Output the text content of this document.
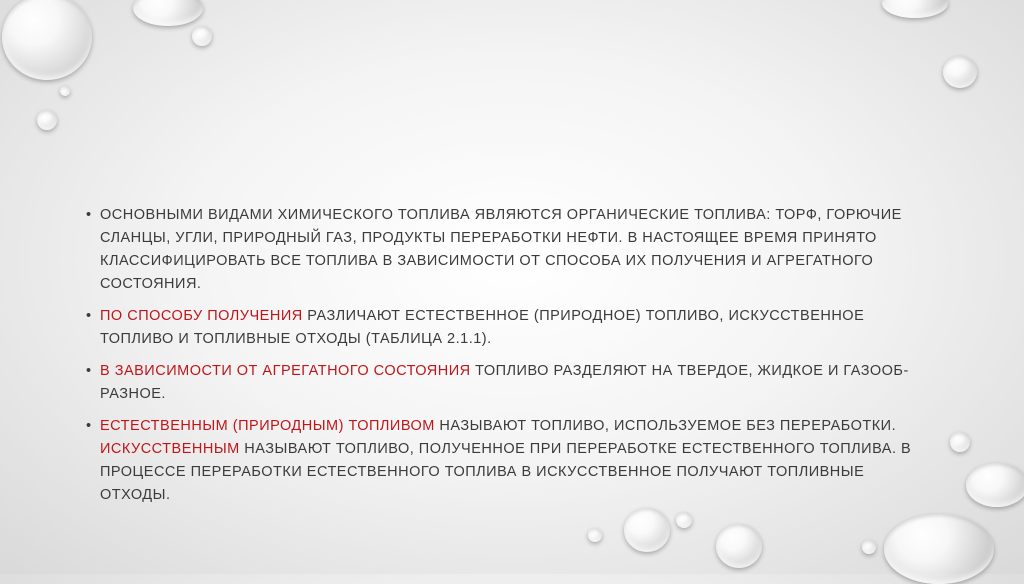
• ОСНОВНЫМИ ВИДАМИ ХИМИЧЕСКОГО ТОПЛИВА ЯВЛЯЮТСЯ ОРГАНИЧЕСКИЕ ТОПЛИВА: ТОРФ, ГОРЮЧИЕ СЛАНЦЫ, УГЛИ, ПРИРОДНЫЙ ГАЗ, ПРОДУКТЫ ПЕРЕРАБОТКИ НЕФТИ. В НАСТОЯЩЕЕ ВРЕМЯ ПРИНЯТО КЛАССИФИЦИРОВАТЬ ВСЕ ТОПЛИВА В ЗАВИСИМОСТИ ОТ СПОСОБА ИХ ПОЛУЧЕНИЯ И АГРЕГАТНОГО СОСТОЯНИЯ.
• ПО СПОСОБУ ПОЛУЧЕНИЯ РАЗЛИЧАЮТ ЕСТЕСТВЕННОЕ (ПРИРОДНОЕ) ТОПЛИВО, ИСКУССТВЕННОЕ ТОПЛИВО И ТОПЛИВНЫЕ ОТХОДЫ (ТАБЛИЦА 2.1.1).
• В ЗАВИСИМОСТИ ОТ АГРЕГАТНОГО СОСТОЯНИЯ ТОПЛИВО РАЗДЕЛЯЮТ НА ТВЕРДОЕ, ЖИДКОЕ И ГАЗООБ-РАЗНОЕ.
• ЕСТЕСТВЕННЫМ (ПРИРОДНЫМ) ТОПЛИВОМ НАЗЫВАЮТ ТОПЛИВО, ИСПОЛЬЗУЕМОЕ БЕЗ ПЕРЕРАБОТКИ. ИСКУССТВЕННЫМ НАЗЫВАЮТ ТОПЛИВО, ПОЛУЧЕННОЕ ПРИ ПЕРЕРАБОТКЕ ЕСТЕСТВЕННОГО ТОПЛИВА. В ПРОЦЕССЕ ПЕРЕРАБОТКИ ЕСТЕСТВЕННОГО ТОПЛИВА В ИСКУССТВЕННОЕ ПОЛУЧАЮТ ТОПЛИВНЫЕ ОТХОДЫ.
